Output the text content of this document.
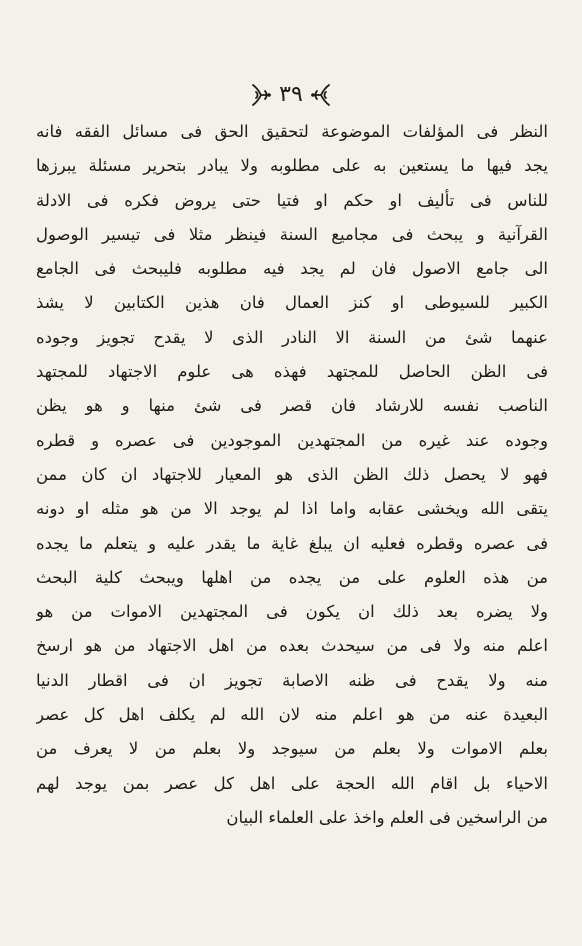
٣٩
النظر فى المؤلفات الموضوعة لتحقيق الحق فى مسائل الفقه فانه
يجد فيها ما يستعين به على مطلوبه ولا يبادر بتحرير مسئلة يبرزها
للناس فى تأليف او حكم او فتيا حتى يروض فكره فى الادلة
القرآنية و يبحث فى مجاميع السنة فينظر مثلا فى تيسير الوصول
الى جامع الاصول فان لم يجد فيه مطلوبه فليبحث فى الجامع
الكبير للسيوطى او كنز العمال فان هذين الكتابين لا يشذ
عنهما شئ من السنة الا النادر الذى لا يقدح تجويز وجوده
فى الظن الحاصل للمجتهد فهذه هى علوم الاجتهاد للمجتهد
الناصب نفسه للارشاد فان قصر فى شئ منها و هو يظن
وجوده عند غيره من المجتهدين الموجودين فى عصره و قطره
فهو لا يحصل ذلك الظن الذى هو المعيار للاجتهاد ان كان ممن
يتقى الله ويخشى عقابه واما اذا لم يوجد الا من هو مثله او دونه
فى عصره وقطره فعليه ان يبلغ غاية ما يقدر عليه و يتعلم ما يجده
من هذه العلوم على من يجده من اهلها ويبحث كلية البحث
ولا يضره بعد ذلك ان يكون فى المجتهدين الاموات من هو
اعلم منه ولا فى من سيحدث بعده من اهل الاجتهاد من هو ارسخ
منه ولا يقدح فى ظنه الاصابة تجويز ان فى اقطار الدنيا
البعيدة عنه من هو اعلم منه لان الله لم يكلف اهل كل عصر
بعلم الاموات ولا بعلم من سيوجد ولا بعلم من لا يعرف من
الاحياء بل اقام الله الحجة على اهل كل عصر بمن يوجد لهم
من الراسخين فى العلم واخذ على العلماء البيان
